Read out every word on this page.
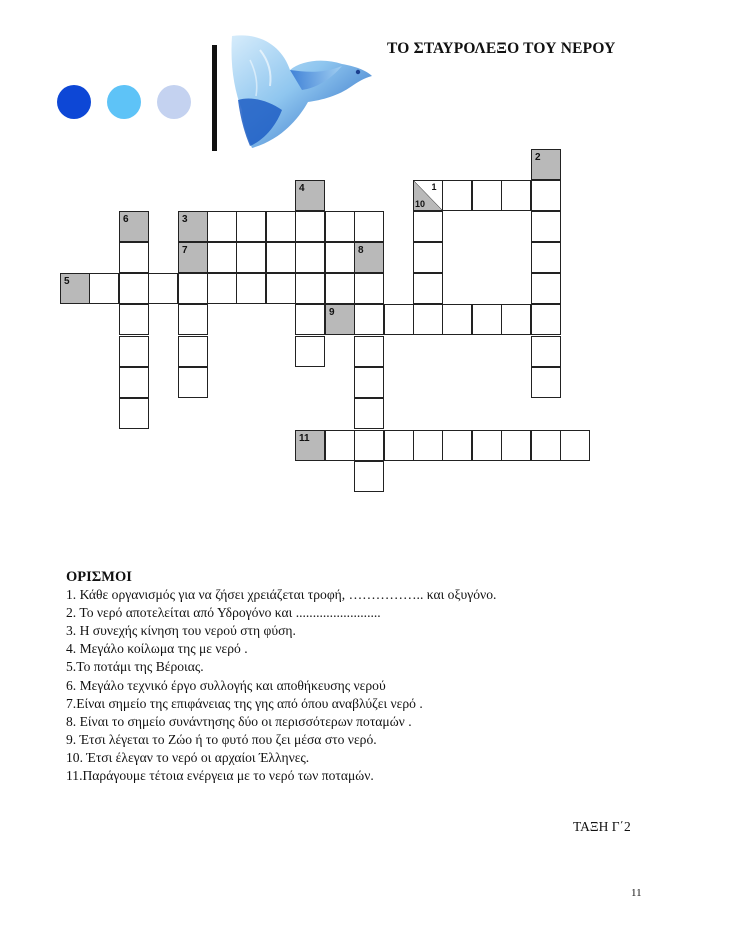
ΤΟ ΣΤΑΥΡΟΛΕΞΟ ΤΟΥ ΝΕΡΟΥ
2
4	1
10
6	3
7	8
5
9
11
ΟΡΙΣΜΟΙ
1. Κάθε οργανισμός για να ζήσει χρειάζεται τροφή, …………….. και οξυγόνο.
2. Το νερό αποτελείται από Υδρογόνο και .........................
3. Η συνεχής κίνηση του νερού στη φύση.
4. Μεγάλο κοίλωμα της με νερό .
5.Το ποτάμι της Βέροιας.
6. Μεγάλο τεχνικό έργο συλλογής και αποθήκευσης νερού
7.Είναι σημείο της επιφάνειας της γης από όπου αναβλύζει νερό .
8. Είναι το σημείο συνάντησης δύο οι περισσότερων ποταμών .
9. Έτσι λέγεται το Ζώο ή το φυτό που ζει μέσα στο νερό.
10. Έτσι έλεγαν το νερό οι αρχαίοι Έλληνες.
11.Παράγουμε τέτοια ενέργεια με το νερό των ποταμών.
ΤΑΞΗ Γ΄2
11
